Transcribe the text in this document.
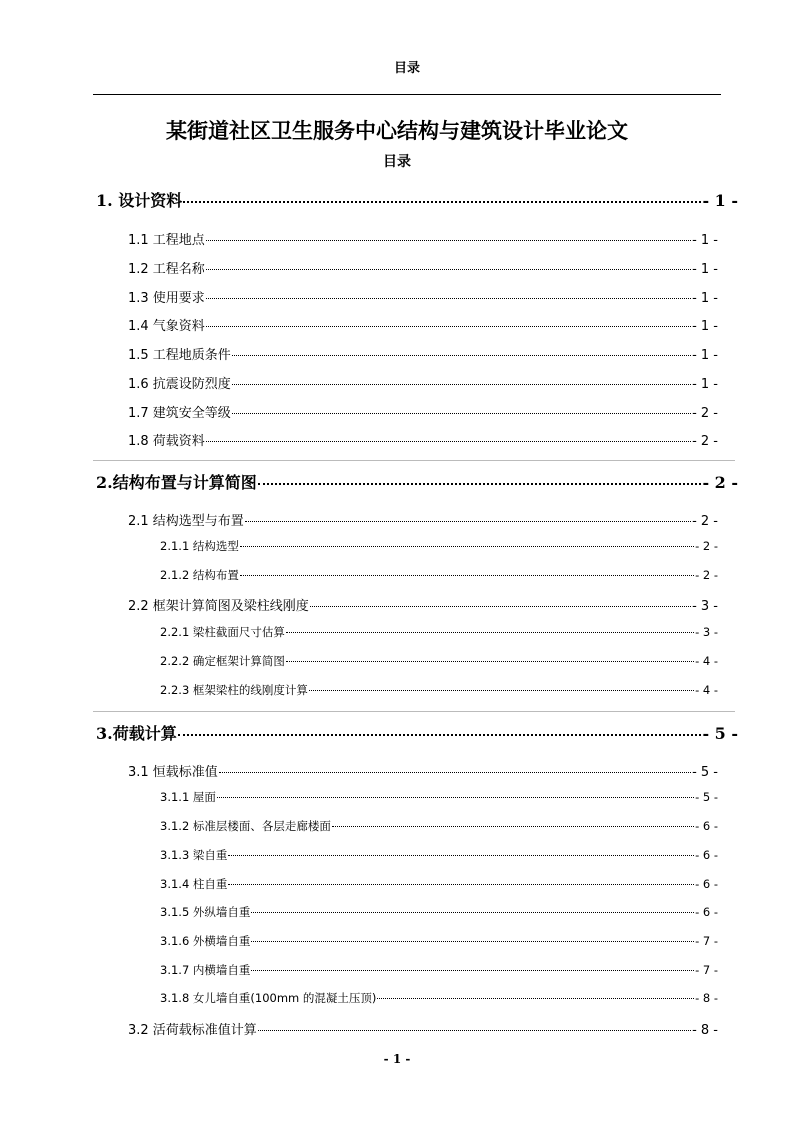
目录
某街道社区卫生服务中心结构与建筑设计毕业论文
目录
1. 设计资料	- 1 -
1.1 工程地点	- 1 -
1.2 工程名称	- 1 -
1.3 使用要求	- 1 -
1.4 气象资料	- 1 -
1.5 工程地质条件	- 1 -
1.6 抗震设防烈度	- 1 -
1.7 建筑安全等级	- 2 -
1.8 荷载资料	- 2 -
2.结构布置与计算简图	- 2 -
2.1 结构选型与布置	- 2 -
2.1.1 结构选型	- 2 -
2.1.2 结构布置	- 2 -
2.2 框架计算简图及梁柱线刚度	- 3 -
2.2.1 梁柱截面尺寸估算	- 3 -
2.2.2 确定框架计算简图	- 4 -
2.2.3 框架梁柱的线刚度计算	- 4 -
3.荷载计算	- 5 -
3.1 恒载标准值	- 5 -
3.1.1 屋面	- 5 -
3.1.2 标准层楼面、各层走廊楼面	- 6 -
3.1.3 梁自重	- 6 -
3.1.4 柱自重	- 6 -
3.1.5 外纵墙自重	- 6 -
3.1.6 外横墙自重	- 7 -
3.1.7 内横墙自重	- 7 -
3.1.8 女儿墙自重(100mm 的混凝土压顶)	- 8 -
3.2 活荷载标准值计算	- 8 -
- 1 -
